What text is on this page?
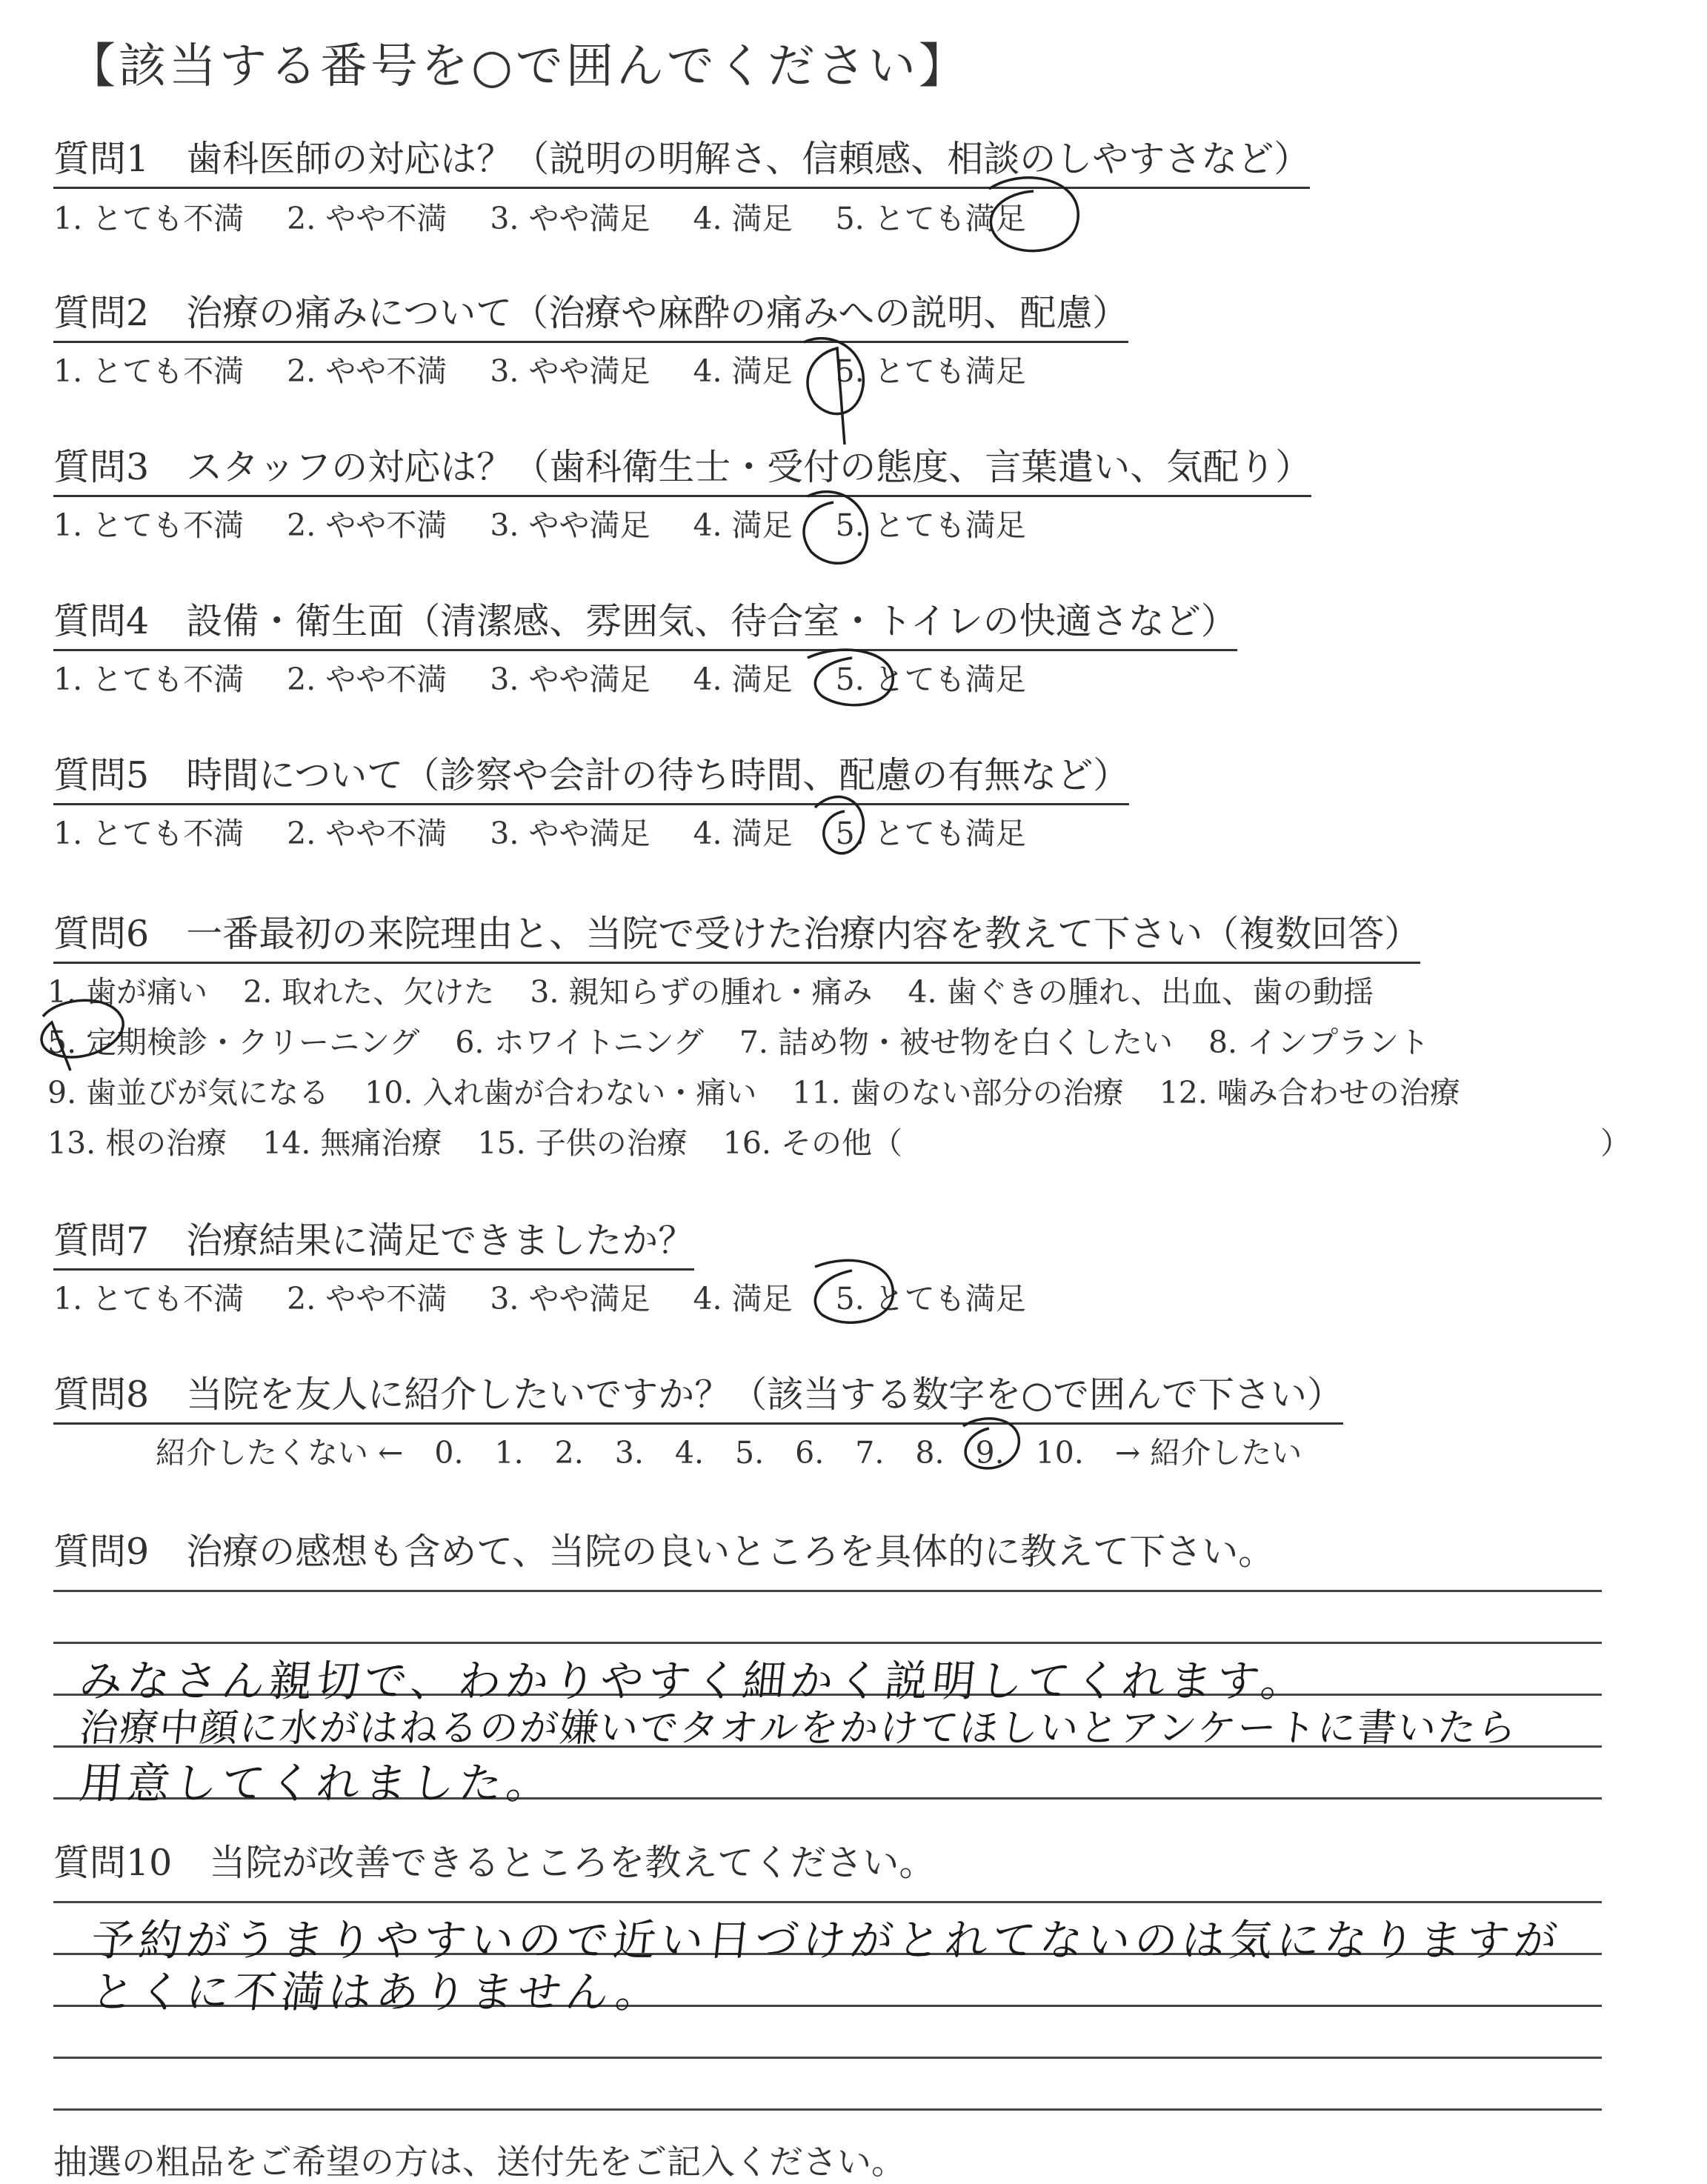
【該当する番号を○で囲んでください】
質問1 歯科医師の対応は？（説明の明解さ、信頼感、相談のしやすさなど）
1. とても不満 2. やや不満 3. やや満足 4. 満足 5. とても満足
質問2 治療の痛みについて（治療や麻酔の痛みへの説明、配慮）
1. とても不満 2. やや不満 3. やや満足 4. 満足 5. とても満足
質問3 スタッフの対応は？（歯科衛生士・受付の態度、言葉遣い、気配り）
1. とても不満 2. やや不満 3. やや満足 4. 満足 5. とても満足
質問4 設備・衛生面（清潔感、雰囲気、待合室・トイレの快適さなど）
1. とても不満 2. やや不満 3. やや満足 4. 満足 5. とても満足
質問5 時間について（診察や会計の待ち時間、配慮の有無など）
1. とても不満 2. やや不満 3. やや満足 4. 満足 5. とても満足
質問6 一番最初の来院理由と、当院で受けた治療内容を教えて下さい（複数回答）
1. 歯が痛い 2. 取れた、欠けた 3. 親知らずの腫れ・痛み 4. 歯ぐきの腫れ、出血、歯の動揺
5. 定期検診・クリーニング 6. ホワイトニング 7. 詰め物・被せ物を白くしたい 8. インプラント
9. 歯並びが気になる 10. 入れ歯が合わない・痛い 11. 歯のない部分の治療 12. 噛み合わせの治療
13. 根の治療 14. 無痛治療 15. 子供の治療 16. その他（	）
質問7 治療結果に満足できましたか？
1. とても不満 2. やや不満 3. やや満足 4. 満足 5. とても満足
質問8 当院を友人に紹介したいですか？（該当する数字を○で囲んで下さい）
紹介したくない ← 0. 1. 2. 3. 4. 5. 6. 7. 8. 9. 10. → 紹介したい
質問9 治療の感想も含めて、当院の良いところを具体的に教えて下さい。
みなさん親切で、わかりやすく細かく説明してくれます。
治療中顔に水がはねるのが嫌いでタオルをかけてほしいとアンケートに書いたら
用意してくれました。
質問10 当院が改善できるところを教えてください。
予約がうまりやすいので近い日づけがとれてないのは気になりますが
とくに不満はありません。
抽選の粗品をご希望の方は、送付先をご記入ください。
